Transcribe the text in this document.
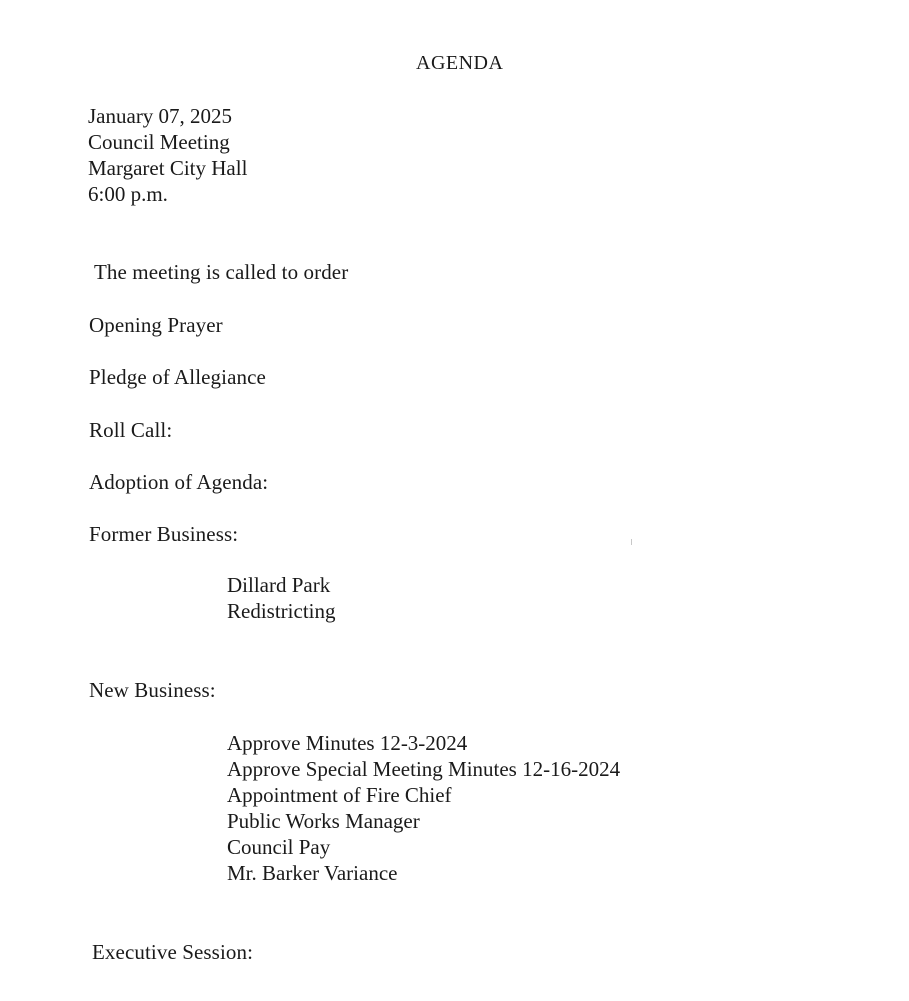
AGENDA
January 07, 2025
Council Meeting
Margaret City Hall
6:00 p.m.
The meeting is called to order
Opening Prayer
Pledge of Allegiance
Roll Call:
Adoption of Agenda:
Former Business:
Dillard Park
Redistricting
New Business:
Approve Minutes 12-3-2024
Approve Special Meeting Minutes 12-16-2024
Appointment of Fire Chief
Public Works Manager
Council Pay
Mr. Barker Variance
Executive Session:
